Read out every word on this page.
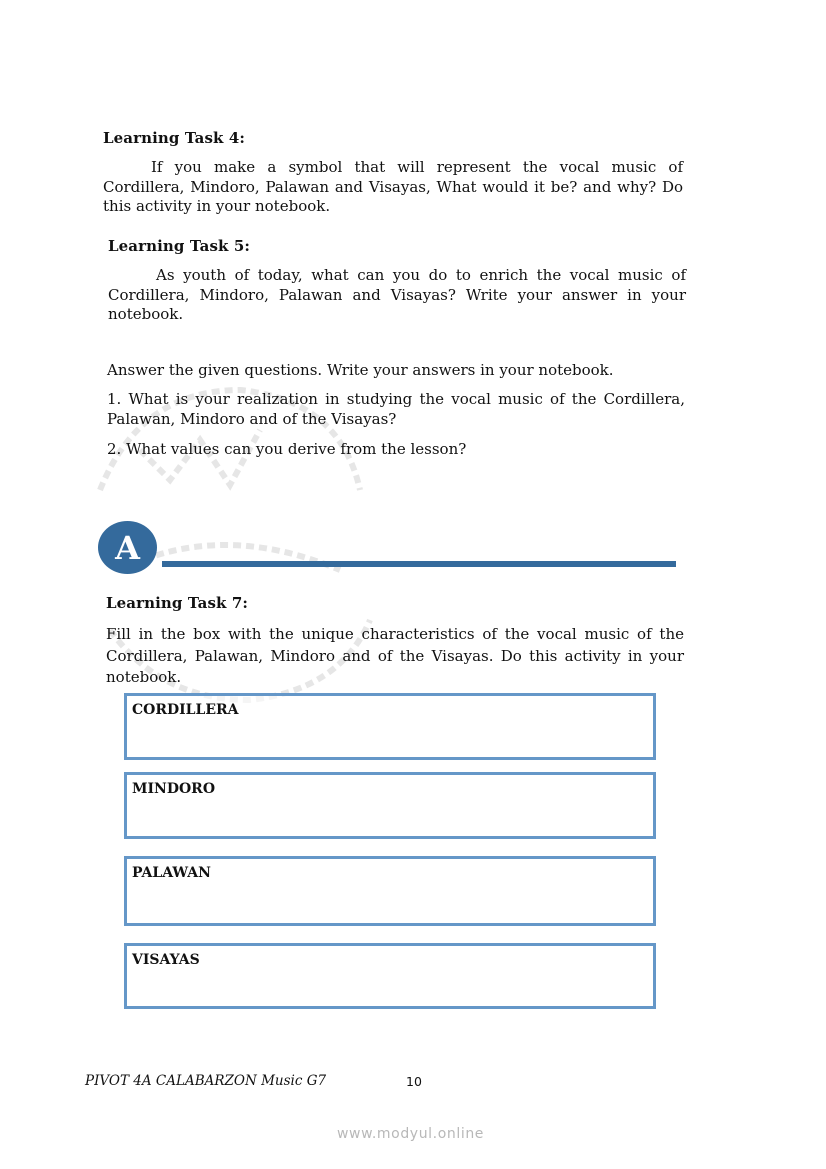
Learning Task 4:
If you make a symbol that will represent the vocal music of Cordillera, Mindoro, Palawan and Visayas, What would it be? and why? Do this activity in your notebook.
Learning Task 5:
As youth of today, what can you do to enrich the vocal music of Cordillera, Mindoro, Palawan and Visayas? Write your answer in your notebook.
Answer the given questions. Write your answers in your notebook.
1. What is your realization in studying the vocal music of the Cordillera, Palawan, Mindoro and of the Visayas?
2. What values can you derive from the lesson?
A
Learning Task 7:
Fill in the box with the unique characteristics of the vocal music of the Cordillera, Palawan, Mindoro and of the Visayas. Do this activity in your notebook.
CORDILLERA
MINDORO
PALAWAN
VISAYAS
PIVOT 4A CALABARZON Music G7	10
www.modyul.online
